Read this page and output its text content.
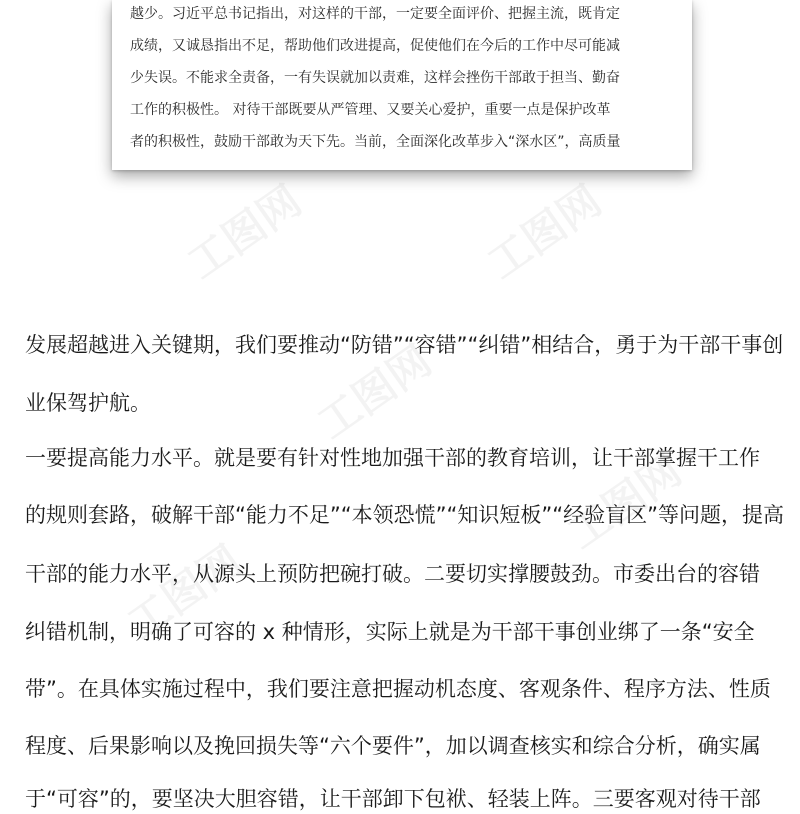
越少。习近平总书记指出，对这样的干部，一定要全面评价、把握主流，既肯定
成绩，又诚恳指出不足，帮助他们改进提高，促使他们在今后的工作中尽可能减
少失误。不能求全责备，一有失误就加以责难，这样会挫伤干部敢于担当、勤奋
工作的积极性。 对待干部既要从严管理、又要关心爱护，重要一点是保护改革
者的积极性，鼓励干部敢为天下先。当前，全面深化改革步入“深水区”，高质量
发展超越进入关键期，我们要推动“防错”“容错”“纠错”相结合，勇于为干部干事创
业保驾护航。
一要提高能力水平。就是要有针对性地加强干部的教育培训，让干部掌握干工作
的规则套路，破解干部“能力不足”“本领恐慌”“知识短板”“经验盲区”等问题，提高
干部的能力水平，从源头上预防把碗打破。二要切实撑腰鼓劲。市委出台的容错
纠错机制，明确了可容的 x 种情形，实际上就是为干部干事创业绑了一条“安全
带”。在具体实施过程中，我们要注意把握动机态度、客观条件、程序方法、性质
程度、后果影响以及挽回损失等“六个要件”，加以调查核实和综合分析，确实属
于“可容”的，要坚决大胆容错，让干部卸下包袱、轻装上阵。三要客观对待干部
